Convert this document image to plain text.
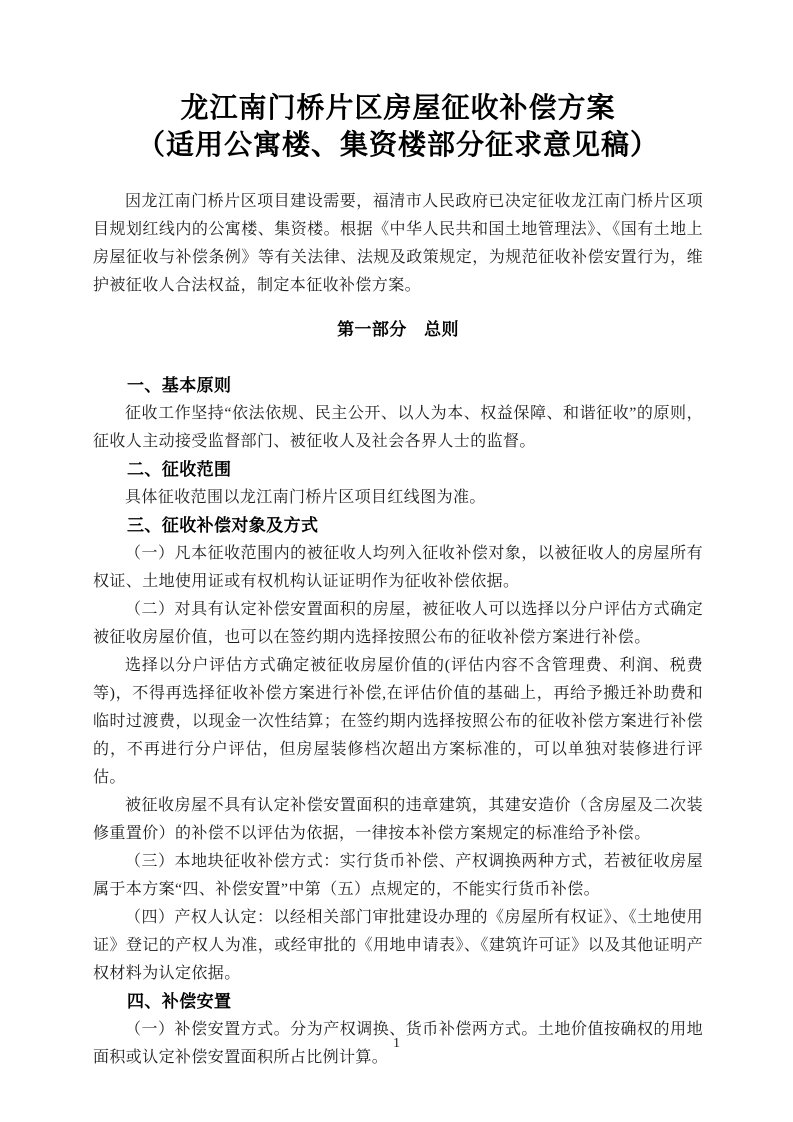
龙江南门桥片区房屋征收补偿方案
（适用公寓楼、集资楼部分征求意见稿）

因龙江南门桥片区项目建设需要，福清市人民政府已决定征收龙江南门桥片区项目规划红线内的公寓楼、集资楼。根据《中华人民共和国土地管理法》、《国有土地上房屋征收与补偿条例》等有关法律、法规及政策规定，为规范征收补偿安置行为，维护被征收人合法权益，制定本征收补偿方案。

第一部分　总则
一、基本原则

征收工作坚持“依法依规、民主公开、以人为本、权益保障、和谐征收”的原则，征收人主动接受监督部门、被征收人及社会各界人士的监督。

二、征收范围

具体征收范围以龙江南门桥片区项目红线图为准。

三、征收补偿对象及方式

（一）凡本征收范围内的被征收人均列入征收补偿对象，以被征收人的房屋所有权证、土地使用证或有权机构认证证明作为征收补偿依据。

（二）对具有认定补偿安置面积的房屋，被征收人可以选择以分户评估方式确定被征收房屋价值，也可以在签约期内选择按照公布的征收补偿方案进行补偿。

选择以分户评估方式确定被征收房屋价值的(评估内容不含管理费、利润、税费等)，不得再选择征收补偿方案进行补偿,在评估价值的基础上，再给予搬迁补助费和临时过渡费，以现金一次性结算；在签约期内选择按照公布的征收补偿方案进行补偿的，不再进行分户评估，但房屋装修档次超出方案标准的，可以单独对装修进行评估。

被征收房屋不具有认定补偿安置面积的违章建筑，其建安造价（含房屋及二次装修重置价）的补偿不以评估为依据，一律按本补偿方案规定的标准给予补偿。

（三）本地块征收补偿方式：实行货币补偿、产权调换两种方式，若被征收房屋属于本方案“四、补偿安置”中第（五）点规定的，不能实行货币补偿。

（四）产权人认定：以经相关部门审批建设办理的《房屋所有权证》、《土地使用证》登记的产权人为准，或经审批的《用地申请表》、《建筑许可证》以及其他证明产权材料为认定依据。

四、补偿安置

（一）补偿安置方式。分为产权调换、货币补偿两方式。土地价值按确权的用地面积或认定补偿安置面积所占比例计算。

1
